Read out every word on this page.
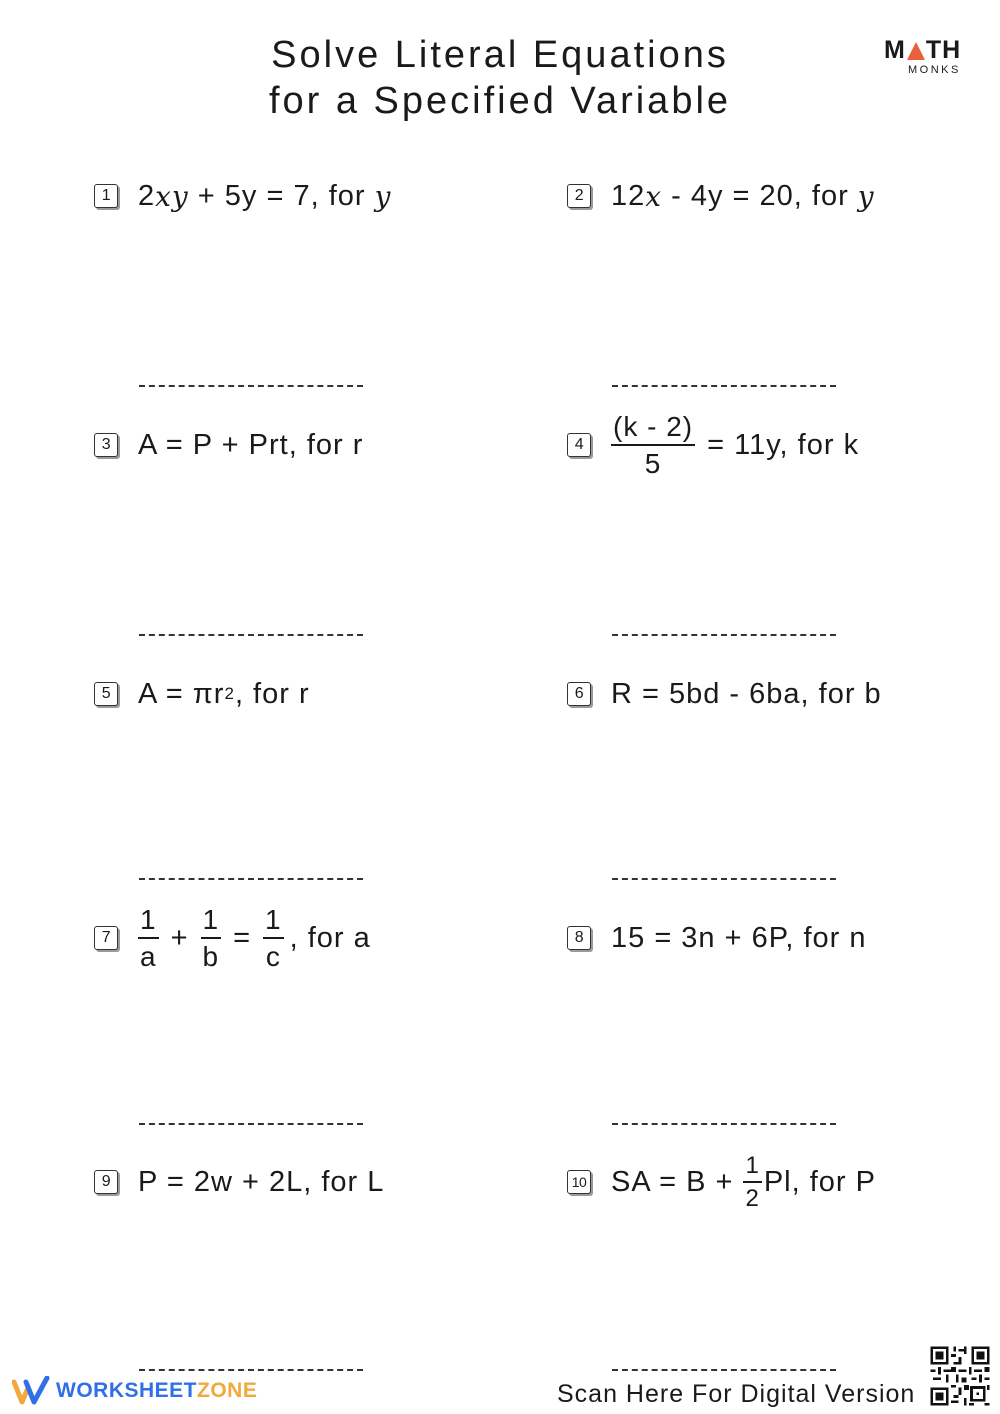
Solve Literal Equations
for a Specified Variable
M TH
MONKS
1 2 xy + 5y = 7, for y	2 12 x - 4y = 20, for y
3 A = P + Prt, for r	$4 \frac{(k - 2)}{5} = 11y$, for k
5 A = πr 2 , for r	6 R = 5bd - 6ba, for b
$7 \frac{1}{a} + \frac{1}{b} = \frac{1}{c}$ , for a	8 15 = 3n + 6P, for n
9 P = 2w + 2L, for L	10 SA = $B + \frac{1}{2} Pl$, for P
WORKSHEETZONE	Scan Here For Digital Version
